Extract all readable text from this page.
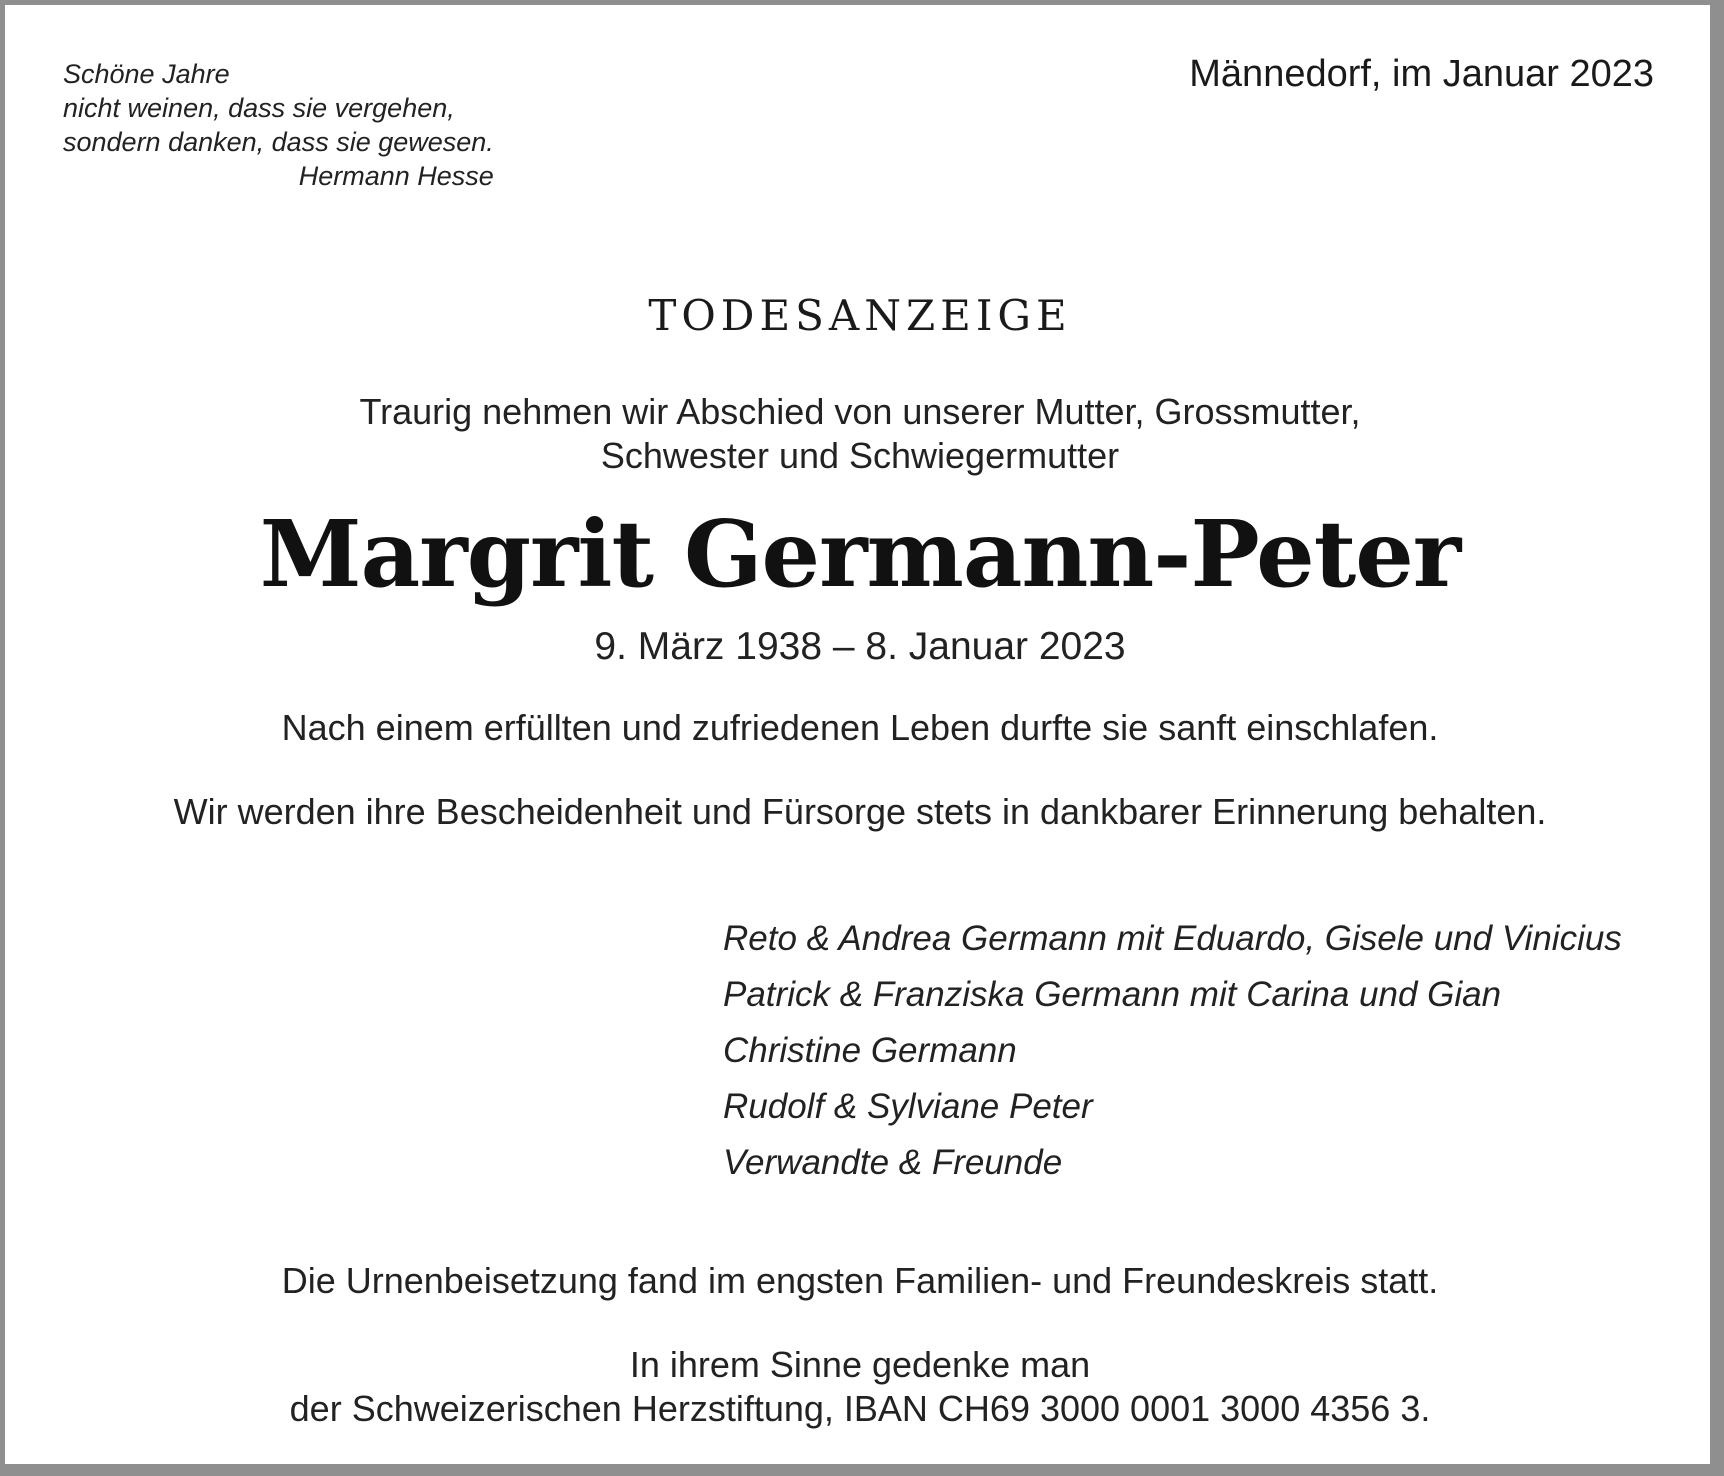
Schöne Jahre
nicht weinen, dass sie vergehen,
sondern danken, dass sie gewesen.
Hermann Hesse
Männedorf, im Januar 2023
TODESANZEIGE
Traurig nehmen wir Abschied von unserer Mutter, Grossmutter,
Schwester und Schwiegermutter
Margrit Germann-Peter
9. März 1938 – 8. Januar 2023
Nach einem erfüllten und zufriedenen Leben durfte sie sanft einschlafen.
Wir werden ihre Bescheidenheit und Fürsorge stets in dankbarer Erinnerung behalten.
Reto & Andrea Germann mit Eduardo, Gisele und Vinicius
Patrick & Franziska Germann mit Carina und Gian
Christine Germann
Rudolf & Sylviane Peter
Verwandte & Freunde
Die Urnenbeisetzung fand im engsten Familien- und Freundeskreis statt.
In ihrem Sinne gedenke man
der Schweizerischen Herzstiftung, IBAN CH69 3000 0001 3000 4356 3.
